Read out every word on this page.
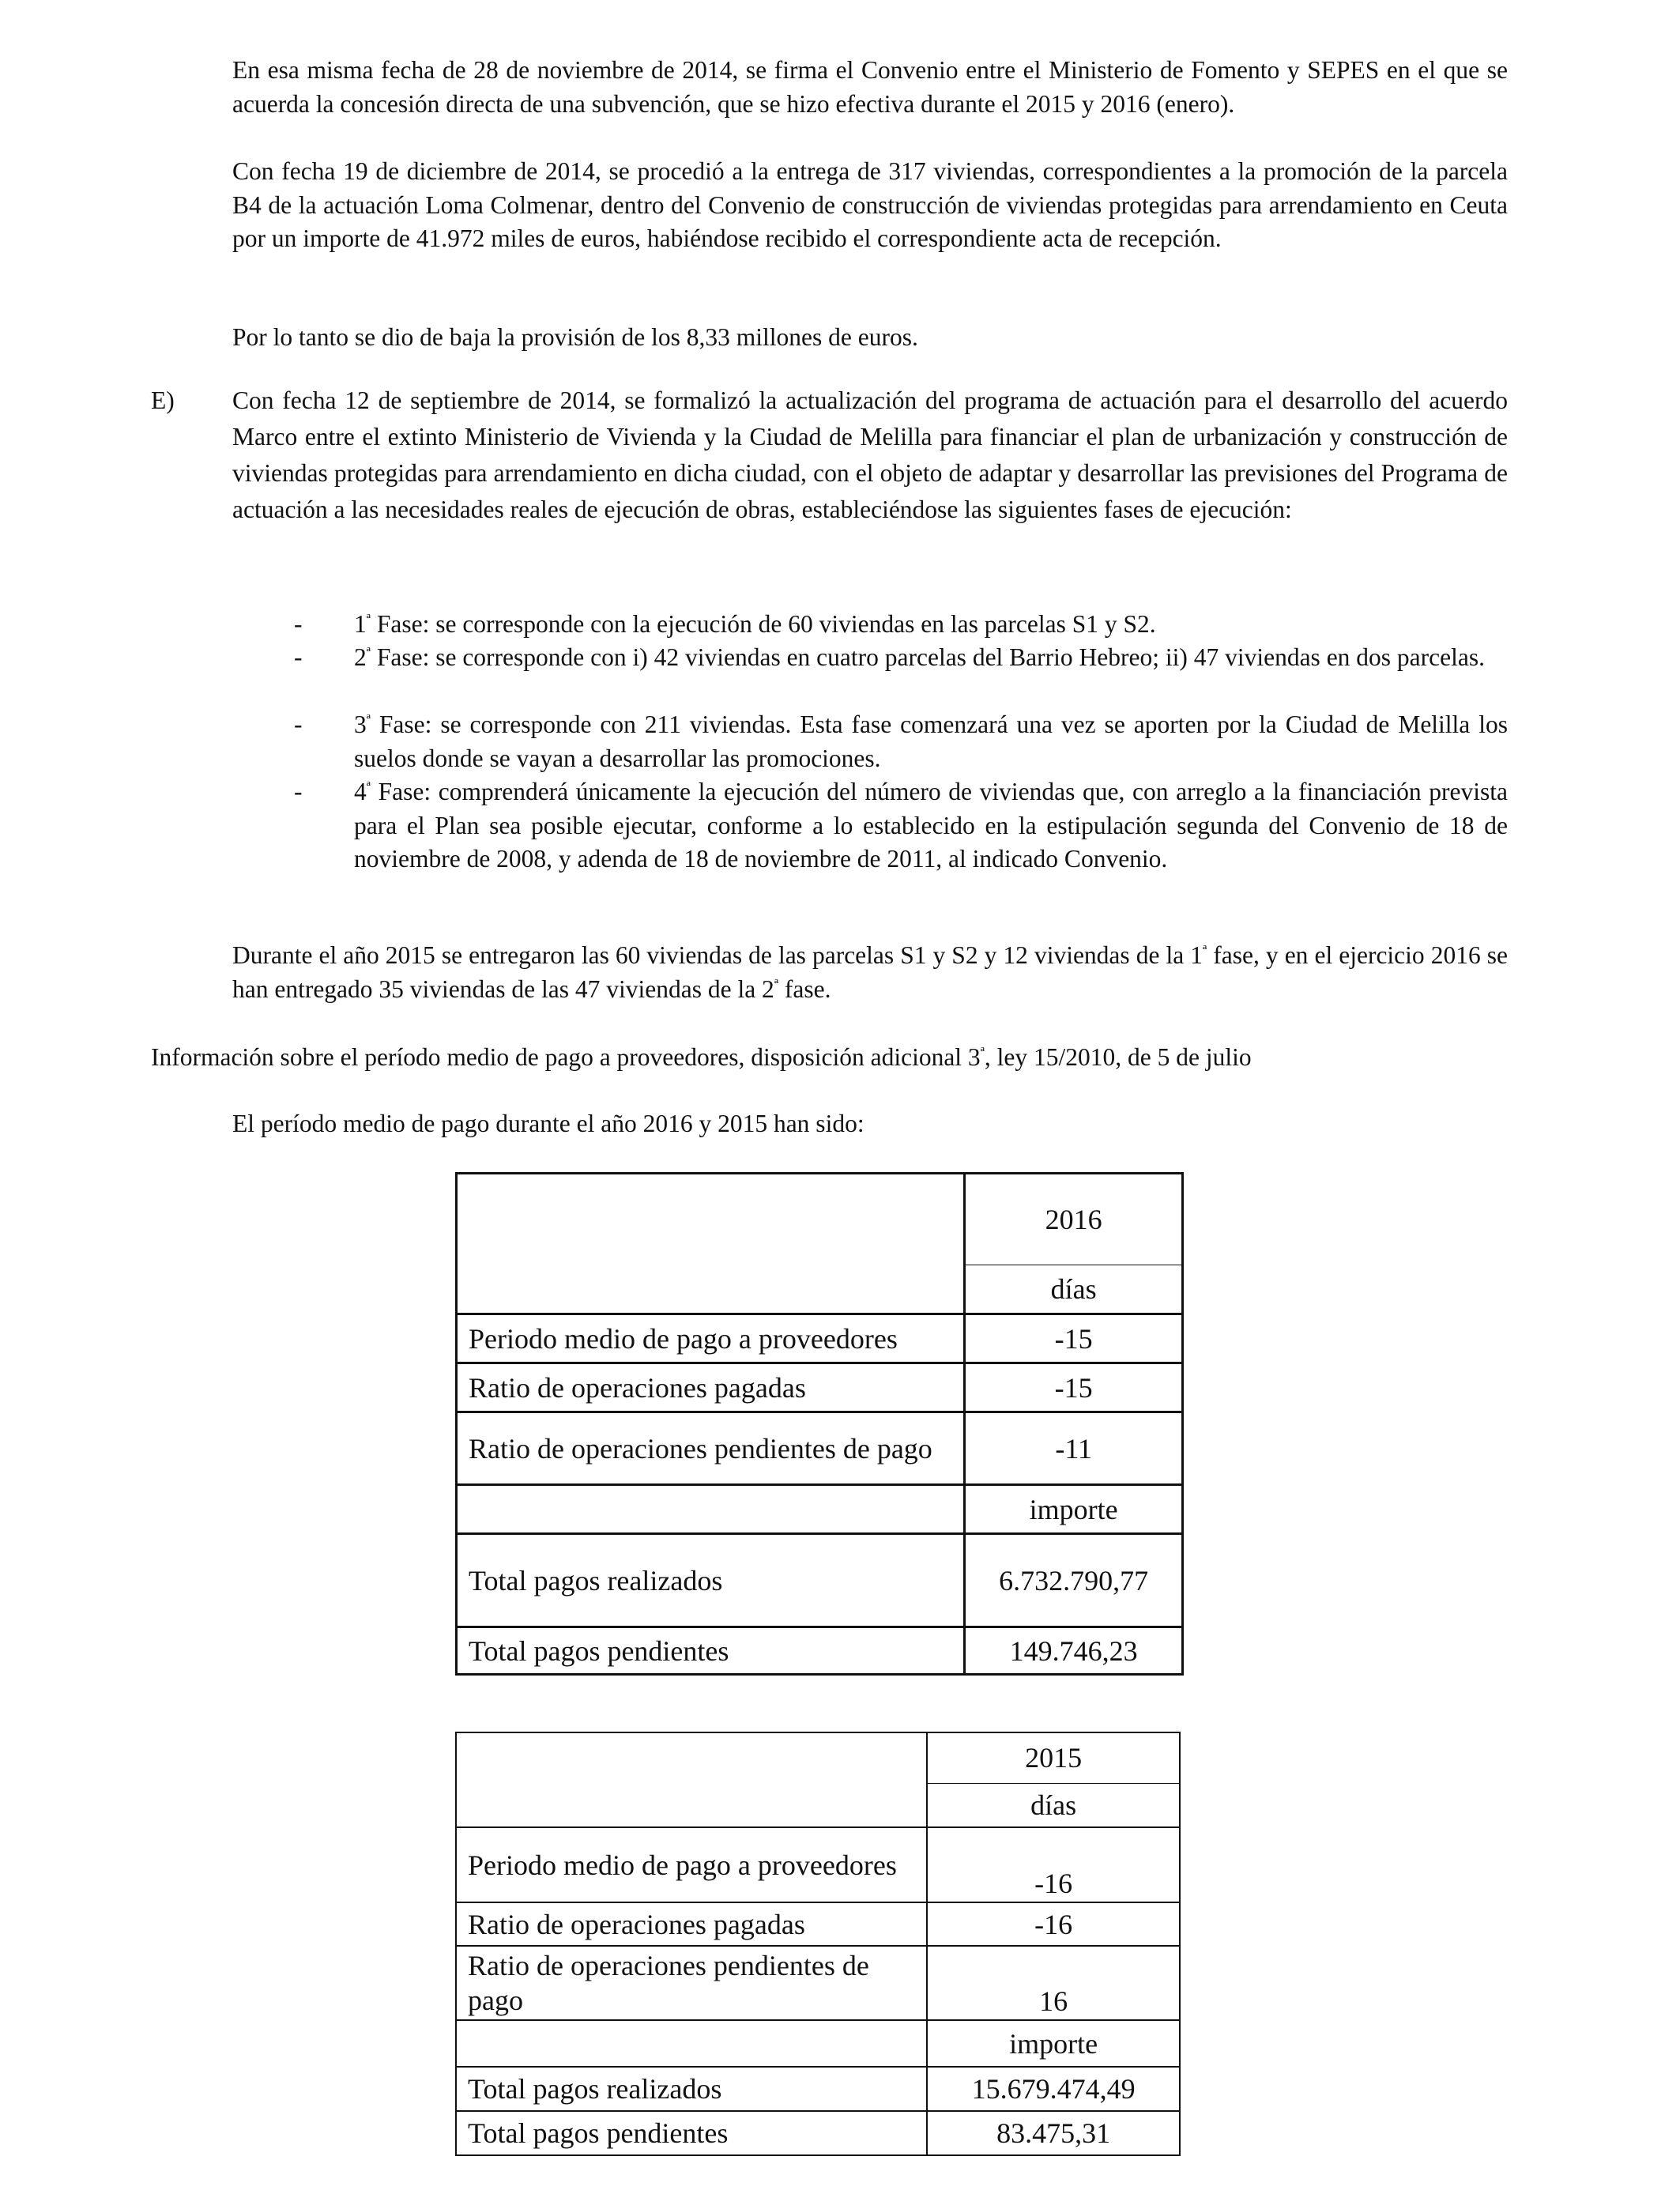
En esa misma fecha de 28 de noviembre de 2014, se firma el Convenio entre el Ministerio de Fomento y SEPES en el que se acuerda la concesión directa de una subvención, que se hizo efectiva durante el 2015 y 2016 (enero).

Con fecha 19 de diciembre de 2014, se procedió a la entrega de 317 viviendas, correspondientes a la promoción de la parcela B4 de la actuación Loma Colmenar, dentro del Convenio de construcción de viviendas protegidas para arrendamiento en Ceuta por un importe de 41.972 miles de euros, habiéndose recibido el correspondiente acta de recepción.

Por lo tanto se dio de baja la provisión de los 8,33 millones de euros.

E) Con fecha 12 de septiembre de 2014, se formalizó la actualización del programa de actuación para el desarrollo del acuerdo Marco entre el extinto Ministerio de Vivienda y la Ciudad de Melilla para financiar el plan de urbanización y construcción de viviendas protegidas para arrendamiento en dicha ciudad, con el objeto de adaptar y desarrollar las previsiones del Programa de actuación a las necesidades reales de ejecución de obras, estableciéndose las siguientes fases de ejecución:

- $1^ª$ Fase: se corresponde con la ejecución de 60 viviendas en las parcelas S1 y S2.

- $2^ª$ Fase: se corresponde con i) 42 viviendas en cuatro parcelas del Barrio Hebreo; ii) 47 viviendas en dos parcelas.

- $3^ª$ Fase: se corresponde con 211 viviendas. Esta fase comenzará una vez se aporten por la Ciudad de Melilla los suelos donde se vayan a desarrollar las promociones.

- $4^ª$ Fase: comprenderá únicamente la ejecución del número de viviendas que, con arreglo a la financiación prevista para el Plan sea posible ejecutar, conforme a lo establecido en la estipulación segunda del Convenio de 18 de noviembre de 2008, y adenda de 18 de noviembre de 2011, al indicado Convenio.

Durante el año 2015 se entregaron las 60 viviendas de las parcelas S1 y S2 y 12 viviendas de la $1^ª$ fase, y en el ejercicio 2016 se han entregado 35 viviendas de las 47 viviendas de la $2^ª$ fase.

Información sobre el período medio de pago a proveedores, disposición adicional $3^ª$, ley 15/2010, de 5 de julio
El período medio de pago durante el año 2016 y 2015 han sido:
	2016
	días
Periodo medio de pago a proveedores	-15
Ratio de operaciones pagadas	-15
Ratio de operaciones pendientes de pago	-11
	importe
Total pagos realizados	6.732.790,77
Total pagos pendientes	149.746,23
	2015
	días
Periodo medio de pago a proveedores	-16
Ratio de operaciones pagadas	-16
Ratio de operaciones pendientes de pago	16
	importe
Total pagos realizados	15.679.474,49
Total pagos pendientes	83.475,31
